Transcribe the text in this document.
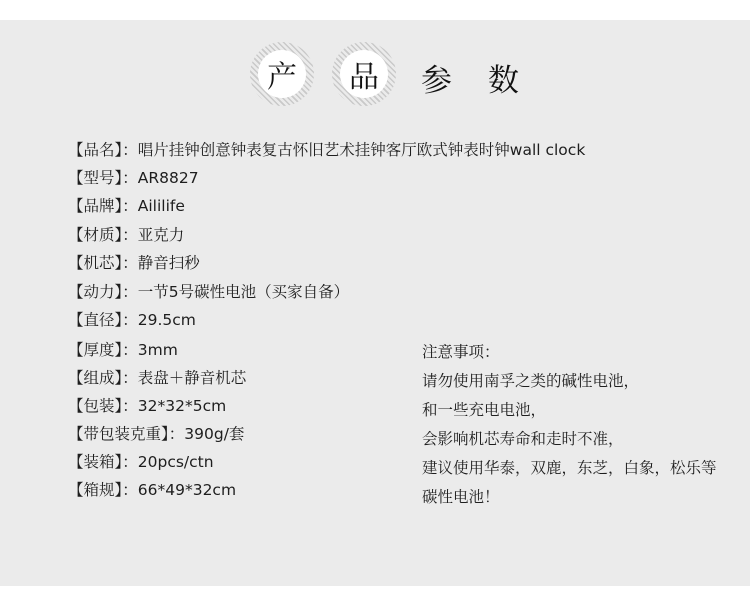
产	品 参 数
【品名】：唱片挂钟创意钟表复古怀旧艺术挂钟客厅欧式钟表时钟wall clock
【型号】：AR8827
【品牌】：Aililife
【材质】：亚克力
【机芯】：静音扫秒
【动力】：一节5号碳性电池（买家自备）
【直径】：29.5cm
【厚度】：3mm
【组成】：表盘＋静音机芯
【包装】：32*32*5cm
【带包装克重】：390g/套
【装箱】：20pcs/ctn
【箱规】：66*49*32cm
注意事项：
请勿使用南孚之类的碱性电池，
和一些充电电池，
会影响机芯寿命和走时不准，
建议使用华泰，双鹿，东芝，白象，松乐等
碳性电池！
